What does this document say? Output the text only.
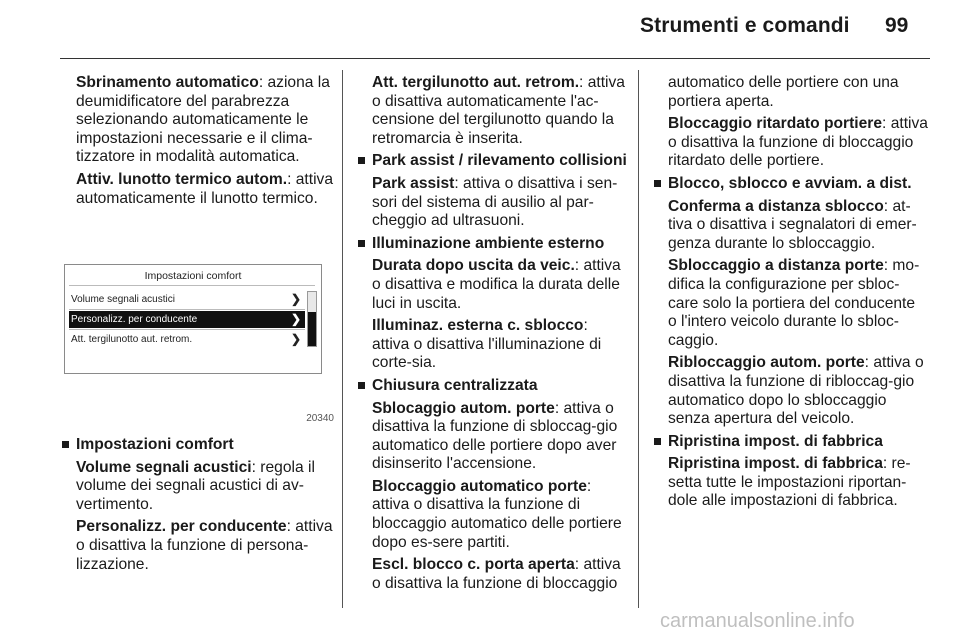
Strumenti e comandi 99

Sbrinamento automatico: aziona la deumidificatore del parabrezza selezionando automaticamente le impostazioni necessarie e il clima-tizzatore in modalità automatica.

Attiv. lunotto termico autom.: attiva automaticamente il lunotto termico.

Impostazioni comfort
Volume segnali acustici	❯
Personalizz. per conducente	❯
Att. tergilunotto aut. retrom.	❯
20340
Impostazioni comfort

Volume segnali acustici: regola il volume dei segnali acustici di av-vertimento.

Personalizz. per conducente: attiva o disattiva la funzione di persona-lizzazione.

Att. tergilunotto aut. retrom.: attiva o disattiva automaticamente l'ac-censione del tergilunotto quando la retromarcia è inserita.

Park assist / rilevamento collisioni

Park assist: attiva o disattiva i sen-sori del sistema di ausilio al par-cheggio ad ultrasuoni.

Illuminazione ambiente esterno

Durata dopo uscita da veic.: attiva o disattiva e modifica la durata delle luci in uscita.

Illuminaz. esterna c. sblocco: attiva o disattiva l'illuminazione di corte-sia.

Chiusura centralizzata

Sblocaggio autom. porte: attiva o disattiva la funzione di sbloccag-gio automatico delle portiere dopo aver disinserito l'accensione.

Bloccaggio automatico porte: attiva o disattiva la funzione di bloccaggio automatico delle portiere dopo es-sere partiti.

Escl. blocco c. porta aperta: attiva o disattiva la funzione di bloccaggio

automatico delle portiere con una portiera aperta.

Bloccaggio ritardato portiere: attiva o disattiva la funzione di bloccaggio ritardato delle portiere.

Blocco, sblocco e avviam. a dist.

Conferma a distanza sblocco: at-tiva o disattiva i segnalatori di emer-genza durante lo sbloccaggio.

Sbloccaggio a distanza porte: mo-difica la configurazione per sbloc-care solo la portiera del conducente o l'intero veicolo durante lo sbloc-caggio.

Ribloccaggio autom. porte: attiva o disattiva la funzione di ribloccag-gio automatico dopo lo sbloccaggio senza apertura del veicolo.

Ripristina impost. di fabbrica

Ripristina impost. di fabbrica: re-setta tutte le impostazioni riportan-dole alle impostazioni di fabbrica.

carmanualsonline.info
